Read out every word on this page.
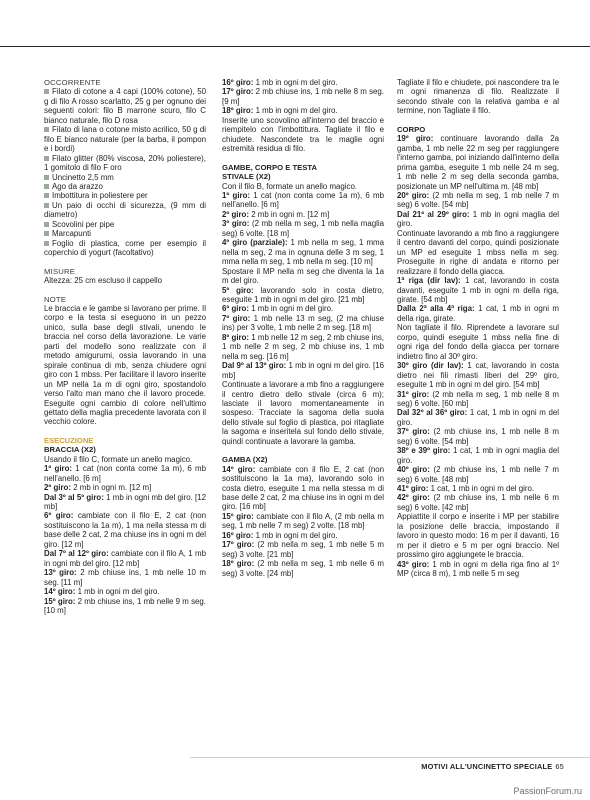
OCCORRENTE

Filato di cotone a 4 capi (100% cotone), 50 g di filo A rosso scarlatto, 25 g per ognuno dei seguenti colori: filo B marrone scuro, filo C bianco naturale, filo D rosa

Filato di lana o cotone misto acrilico, 50 g di filo E bianco naturale (per la barba, il pompon e i bordi)

Filato glitter (80% viscosa, 20% poliestere), 1 gomitolo di filo F oro

Uncinetto 2,5 mm

Ago da arazzo

Imbottitura in poliestere per

Un paio di occhi di sicurezza, (9 mm di diametro)

Scovolini per pipe

Marcapunti

Foglio di plastica, come per esempio il coperchio di yogurt (facoltativo)

MISURE

Altezza: 25 cm escluso il cappello

NOTE

Le braccia e le gambe si lavorano per prime. Il corpo e la testa si eseguono in un pezzo unico, sulla base degli stivali, unendo le braccia nel corso della lavorazione. Le varie parti del modello sono realizzate con il metodo amigurumi, ossia lavorando in una spirale continua di mb, senza chiudere ogni giro con 1 mbss. Per facilitare il lavoro inserite un MP nella 1a m di ogni giro, spostandolo verso l'alto man mano che il lavoro procede. Eseguite ogni cambio di colore nell'ultimo gettato della maglia precedente lavorata con il vecchio colore.

ESECUZIONE
BRACCIA (X2)

Usando il filo C, formate un anello magico.

1º giro: 1 cat (non conta come 1a m), 6 mb nell'anello. [6 m]

2º giro: 2 mb in ogni m. [12 m]

Dal 3º al 5º giro: 1 mb in ogni mb del giro. [12 mb]

6º giro: cambiate con il filo E, 2 cat (non sostituiscono la 1a m), 1 ma nella stessa m di base delle 2 cat, 2 ma chiuse ins in ogni m del giro. [12 m]

Dal 7º al 12º giro: cambiate con il filo A, 1 mb in ogni mb del giro. [12 mb]

13º giro: 2 mb chiuse ins, 1 mb nelle 10 m seg. [11 m]

14º giro: 1 mb in ogni m del giro.

15º giro: 2 mb chiuse ins, 1 mb nelle 9 m seg. [10 m]

16º giro: 1 mb in ogni m del giro.

17º giro: 2 mb chiuse ins, 1 mb nelle 8 m seg. [9 m]

18º giro: 1 mb in ogni m del giro.

Inserite uno scovolino all'interno del braccio e riempitelo con l'imbottitura. Tagliate il filo e chiudete. Nascondete tra le maglie ogni estremità residua di filo.

GAMBE, CORPO E TESTA
STIVALE (X2)

Con il filo B, formate un anello magico.

1º giro: 1 cat (non conta come 1a m), 6 mb nell'anello. [6 m]

2º giro: 2 mb in ogni m. [12 m]

3º giro: (2 mb nella m seg, 1 mb nella maglia seg) 6 volte. [18 m]

4º giro (parziale): 1 mb nella m seg, 1 mma nella m seg, 2 ma in ognuna delle 3 m seg, 1 mma nella m seg, 1 mb nella m seg. [10 m]

Spostare il MP nella m seg che diventa la 1a m del giro.

5º giro: lavorando solo in costa dietro, eseguite 1 mb in ogni m del giro. [21 mb]

6º giro: 1 mb in ogni m del giro.

7º giro: 1 mb nelle 13 m seg, (2 ma chiuse ins) per 3 volte, 1 mb nelle 2 m seg. [18 m]

8º giro: 1 mb nelle 12 m seg, 2 mb chiuse ins, 1 mb nelle 2 m seg, 2 mb chiuse ins, 1 mb nella m seg. [16 m]

Dal 9º al 13º giro: 1 mb in ogni m del giro. [16 mb]

Continuate a lavorare a mb fino a raggiungere il centro dietro dello stivale (circa 6 m); lasciate il lavoro momentaneamente in sospeso. Tracciate la sagoma della suola dello stivale sul foglio di plastica, poi ritagliate la sagoma e inseritela sul fondo dello stivale, quindi continuate a lavorare la gamba.

GAMBA (X2)

14º giro: cambiate con il filo E, 2 cat (non sostituiscono la 1a ma), lavorando solo in costa dietro, eseguite 1 ma nella stessa m di base delle 2 cat, 2 ma chiuse ins in ogni m del giro. [16 mb]

15º giro: cambiate con il filo A, (2 mb nella m seg, 1 mb nelle 7 m seg) 2 volte. [18 mb]

16º giro: 1 mb in ogni m del giro.

17º giro: (2 mb nella m seg, 1 mb nelle 5 m seg) 3 volte. [21 mb]

18º giro: (2 mb nella m seg, 1 mb nelle 6 m seg) 3 volte. [24 mb]

Tagliate il filo e chiudete, poi nascondere tra le m ogni rimanenza di filo. Realizzate il secondo stivale con la relativa gamba e al termine, non Tagliate il filo.

CORPO

19º giro: continuare lavorando dalla 2a gamba, 1 mb nelle 22 m seg per raggiungere l'interno gamba, poi iniziando dall'interno della prima gamba, eseguite 1 mb nelle 24 m seg, 1 mb nelle 2 m seg della seconda gamba, posizionate un MP nell'ultima m. [48 mb]

20º giro: (2 mb nella m seg, 1 mb nelle 7 m seg) 6 volte. [54 mb]

Dal 21º al 29º giro: 1 mb in ogni maglia del giro.

Continuate lavorando a mb fino a raggiungere il centro davanti del corpo, quindi posizionate un MP ed eseguite 1 mbss nella m seg. Proseguite in righe di andata e ritorno per realizzare il fondo della giacca.

1ª riga (dir lav): 1 cat, lavorando in costa davanti, eseguite 1 mb in ogni m della riga, girate. [54 mb]

Dalla 2ª alla 4ª riga: 1 cat, 1 mb in ogni m della riga, girate.

Non tagliate il filo. Riprendete a lavorare sul corpo, quindi eseguite 1 mbss nella fine di ogni riga del fondo della giacca per tornare indietro fino al 30º giro.

30º giro (dir lav): 1 cat, lavorando in costa dietro nei fili rimasti liberi del 29º giro, eseguite 1 mb in ogni m del giro. [54 mb]

31º giro: (2 mb nella m seg, 1 mb nelle 8 m seg) 6 volte. [60 mb]

Dal 32º al 36º giro: 1 cat, 1 mb in ogni m del giro.

37º giro: (2 mb chiuse ins, 1 mb nelle 8 m seg) 6 volte. [54 mb]

38º e 39º giro: 1 cat, 1 mb in ogni maglia del giro.

40º giro: (2 mb chiuse ins, 1 mb nelle 7 m seg) 6 volte. [48 mb]

41º giro: 1 cat, 1 mb in ogni m del giro.

42º giro: (2 mb chiuse ins, 1 mb nelle 6 m seg) 6 volte. [42 mb]

Appiattite il corpo e inserite i MP per stabilire la posizione delle braccia, impostando il lavoro in questo modo: 16 m per il davanti, 16 m per il dietro e 5 m per ogni braccio. Nel prossimo giro aggiungete le braccia.

43º giro: 1 mb in ogni m della riga fino al 1º MP (circa 8 m), 1 mb nelle 5 m seg

MOTIVI ALL'UNCINETTO SPECIALE 65
PassionForum.ru
